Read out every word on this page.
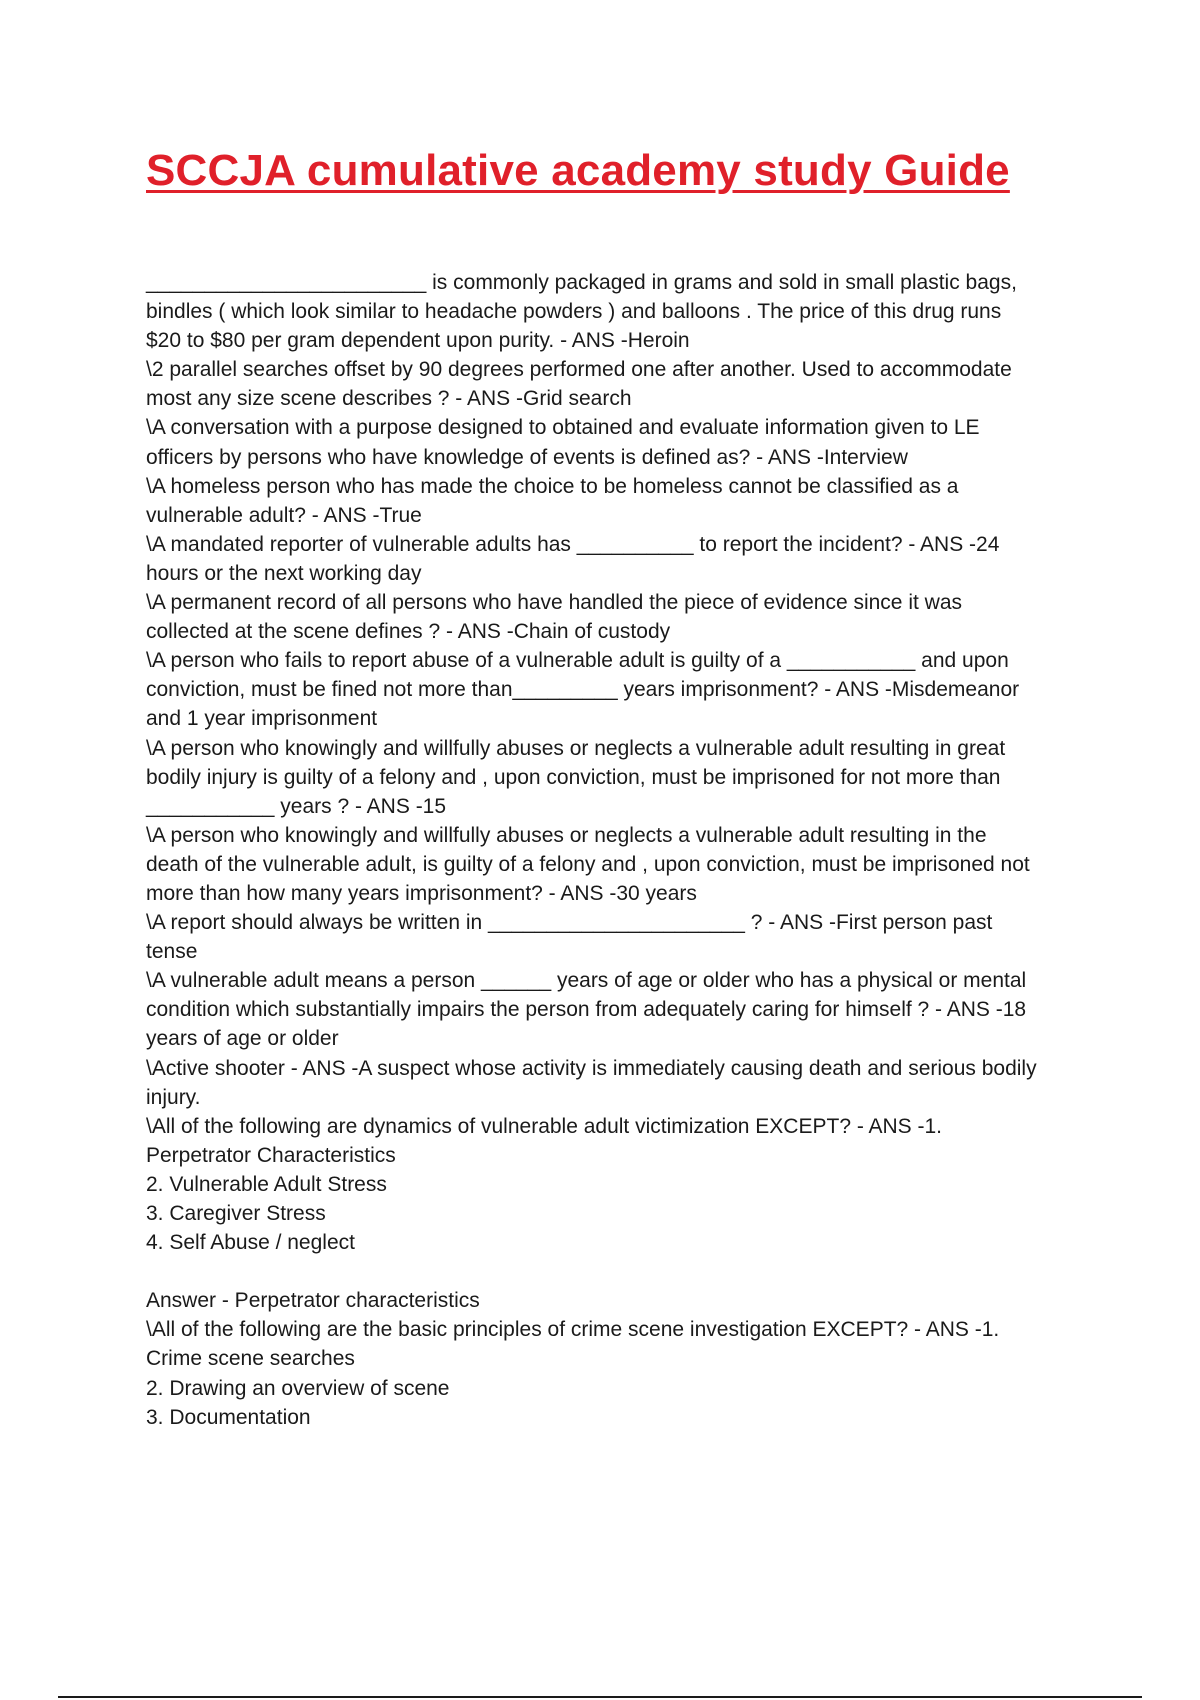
SCCJA cumulative academy study Guide
________________________ is commonly packaged in grams and sold in small plastic bags,
bindles ( which look similar to headache powders ) and balloons . The price of this drug runs
$20 to $80 per gram dependent upon purity. - ANS -Heroin
\2 parallel searches offset by 90 degrees performed one after another. Used to accommodate
most any size scene describes ? - ANS -Grid search
\A conversation with a purpose designed to obtained and evaluate information given to LE
officers by persons who have knowledge of events is defined as? - ANS -Interview
\A homeless person who has made the choice to be homeless cannot be classified as a
vulnerable adult? - ANS -True
\A mandated reporter of vulnerable adults has __________ to report the incident? - ANS -24
hours or the next working day
\A permanent record of all persons who have handled the piece of evidence since it was
collected at the scene defines ? - ANS -Chain of custody
\A person who fails to report abuse of a vulnerable adult is guilty of a ___________ and upon
conviction, must be fined not more than_________ years imprisonment? - ANS -Misdemeanor
and 1 year imprisonment
\A person who knowingly and willfully abuses or neglects a vulnerable adult resulting in great
bodily injury is guilty of a felony and , upon conviction, must be imprisoned for not more than
___________ years ? - ANS -15
\A person who knowingly and willfully abuses or neglects a vulnerable adult resulting in the
death of the vulnerable adult, is guilty of a felony and , upon conviction, must be imprisoned not
more than how many years imprisonment? - ANS -30 years
\A report should always be written in ______________________ ? - ANS -First person past
tense
\A vulnerable adult means a person ______ years of age or older who has a physical or mental
condition which substantially impairs the person from adequately caring for himself ? - ANS -18
years of age or older
\Active shooter - ANS -A suspect whose activity is immediately causing death and serious bodily
injury.
\All of the following are dynamics of vulnerable adult victimization EXCEPT? - ANS -1.
Perpetrator Characteristics
2. Vulnerable Adult Stress
3. Caregiver Stress
4. Self Abuse / neglect
Answer - Perpetrator characteristics
\All of the following are the basic principles of crime scene investigation EXCEPT? - ANS -1.
Crime scene searches
2. Drawing an overview of scene
3. Documentation
